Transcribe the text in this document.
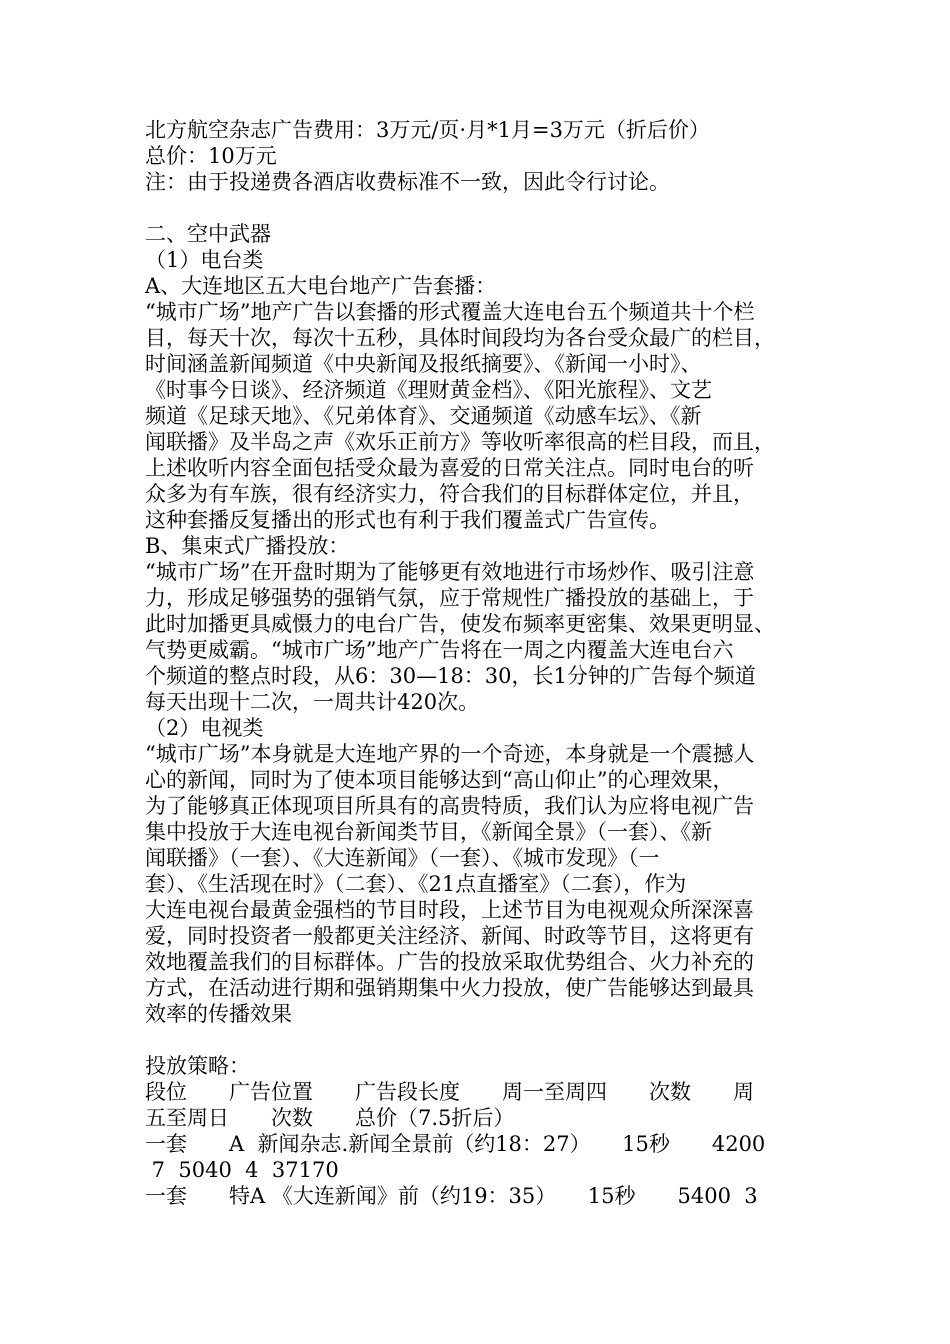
北方航空杂志广告费用：3万元/页·月*1月=3万元（折后价）
总价：10万元
注：由于投递费各酒店收费标准不一致，因此令行讨论。
二、空中武器
（1）电台类
A、大连地区五大电台地产广告套播：
“城市广场”地产广告以套播的形式覆盖大连电台五个频道共十个栏
目，每天十次，每次十五秒，具体时间段均为各台受众最广的栏目，
时间涵盖新闻频道《中央新闻及报纸摘要》、《新闻一小时》、
《时事今日谈》、经济频道《理财黄金档》、《阳光旅程》、文艺
频道《足球天地》、《兄弟体育》、交通频道《动感车坛》、《新
闻联播》及半岛之声《欢乐正前方》等收听率很高的栏目段，而且，
上述收听内容全面包括受众最为喜爱的日常关注点。同时电台的听
众多为有车族，很有经济实力，符合我们的目标群体定位，并且，
这种套播反复播出的形式也有利于我们覆盖式广告宣传。
B、集束式广播投放：
“城市广场”在开盘时期为了能够更有效地进行市场炒作、吸引注意
力，形成足够强势的强销气氛，应于常规性广播投放的基础上，于
此时加播更具威慑力的电台广告，使发布频率更密集、效果更明显、
气势更威霸。“城市广场”地产广告将在一周之内覆盖大连电台六
个频道的整点时段，从6：30—18：30，长1分钟的广告每个频道
每天出现十二次，一周共计420次。
（2）电视类
“城市广场”本身就是大连地产界的一个奇迹，本身就是一个震撼人
心的新闻，同时为了使本项目能够达到“高山仰止”的心理效果，
为了能够真正体现项目所具有的高贵特质，我们认为应将电视广告
集中投放于大连电视台新闻类节目，《新闻全景》（一套）、《新
闻联播》（一套）、《大连新闻》（一套）、《城市发现》（一
套）、《生活现在时》（二套）、《21点直播室》（二套），作为
大连电视台最黄金强档的节目时段，上述节目为电视观众所深深喜
爱，同时投资者一般都更关注经济、新闻、时政等节目，这将更有
效地覆盖我们的目标群体。广告的投放采取优势组合、火力补充的
方式，在活动进行期和强销期集中火力投放，使广告能够达到最具
效率的传播效果
投放策略：
段位　　广告位置　　广告段长度　　周一至周四　　次数　　周
五至周日　　次数　　总价（7.5折后）
一套　　A  新闻杂志.新闻全景前（约18：27）　　15秒　　4200
7  5040  4  37170
一套　　特A 《大连新闻》前（约19：35）　　15秒　　5400  3
